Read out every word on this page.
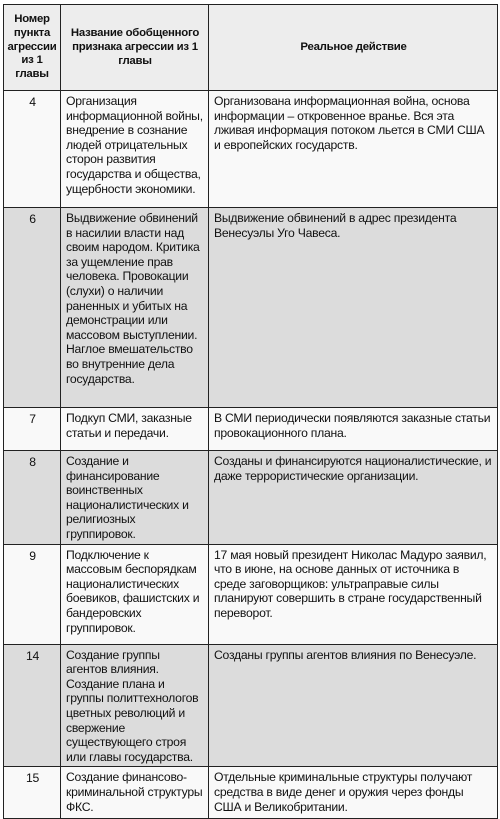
Номер пункта агрессии из 1 главы	Название обобщенного признака агрессии из 1 главы	Реальное действие
4	Организация информационной войны, внедрение в сознание людей отрицательных сторон развития государства и общества, ущербности экономики.	Организована информационная война, основа информации – откровенное вранье. Вся эта лживая информация потоком льется в СМИ США и европейских государств.
6	Выдвижение обвинений в насилии власти над своим народом. Критика за ущемление прав человека. Провокации (слухи) о наличии раненных и убитых на демонстрации или массовом выступлении. Наглое вмешательство во внутренние дела государства.	Выдвижение обвинений в адрес президента Венесуэлы Уго Чавеса.
7	Подкуп СМИ, заказные статьи и передачи.	В СМИ периодически появляются заказные статьи провокационного плана.
8	Создание и финансирование воинственных националистических и религиозных группировок.	Созданы и финансируются националистические, и даже террористические организации.
9	Подключение к массовым беспорядкам националистических боевиков, фашистских и бандеровских группировок.	17 мая новый президент Николас Мадуро заявил, что в июне, на основе данных от источника в среде заговорщиков: ультраправые силы планируют совершить в стране государственный переворот.
14	Создание группы агентов влияния. Создание плана и группы политтехнологов цветных революций и свержение существующего строя или главы государства.	Созданы группы агентов влияния по Венесуэле.
15	Создание финансово-криминальной структуры ФКС.	Отдельные криминальные структуры получают средства в виде денег и оружия через фонды США и Великобритании.
